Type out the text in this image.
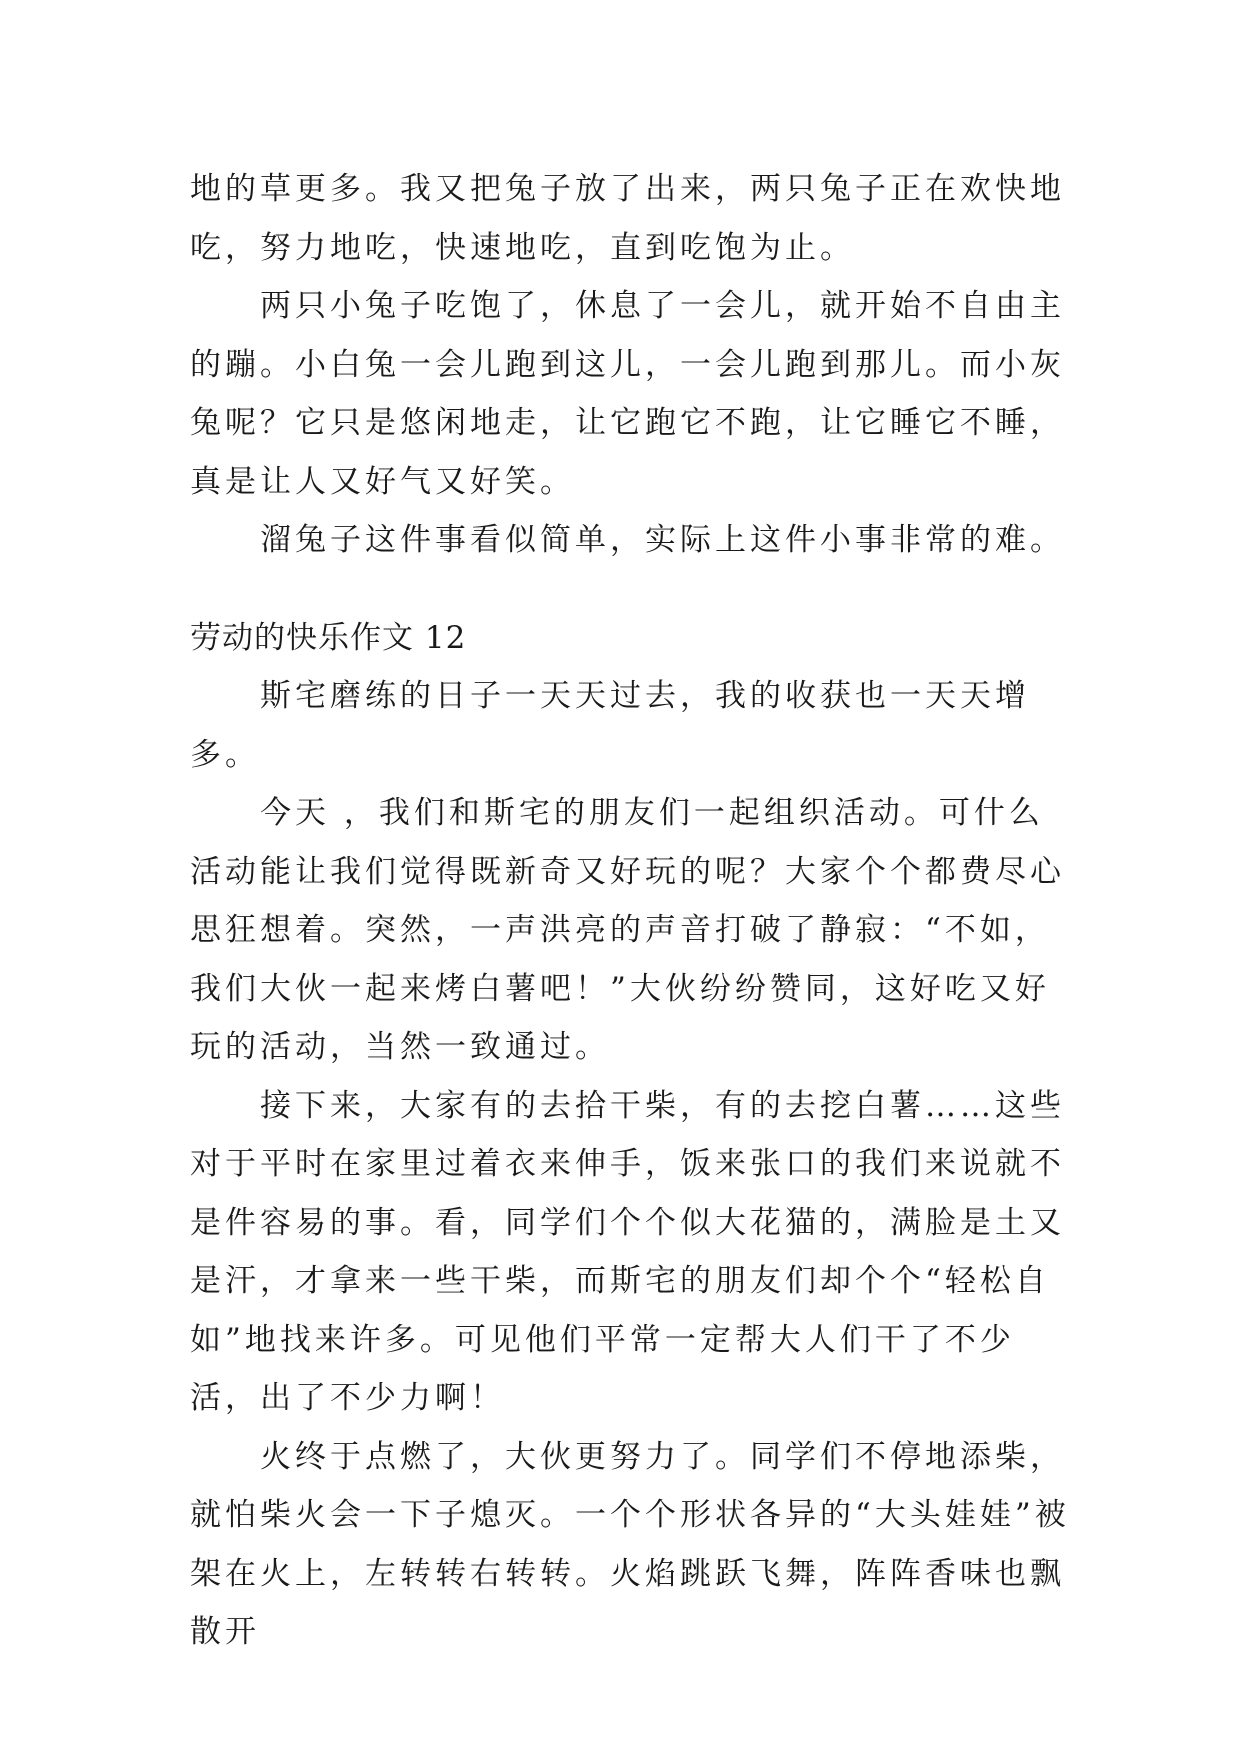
地的草更多。我又把兔子放了出来，两只兔子正在欢快地吃，努力地吃，快速地吃，直到吃饱为止。

两只小兔子吃饱了，休息了一会儿，就开始不自由主的蹦。小白兔一会儿跑到这儿，一会儿跑到那儿。而小灰兔呢？它只是悠闲地走，让它跑它不跑，让它睡它不睡，真是让人又好气又好笑。

溜兔子这件事看似简单，实际上这件小事非常的难。

劳动的快乐作文 12

斯宅磨练的日子一天天过去，我的收获也一天天增多。

今天 ，我们和斯宅的朋友们一起组织活动。可什么活动能让我们觉得既新奇又好玩的呢？大家个个都费尽心思狂想着。突然，一声洪亮的声音打破了静寂：“不如，我们大伙一起来烤白薯吧！”大伙纷纷赞同，这好吃又好玩的活动，当然一致通过。

接下来，大家有的去拾干柴，有的去挖白薯……这些对于平时在家里过着衣来伸手，饭来张口的我们来说就不是件容易的事。看，同学们个个似大花猫的，满脸是土又是汗，才拿来一些干柴，而斯宅的朋友们却个个“轻松自如”地找来许多。可见他们平常一定帮大人们干了不少活，出了不少力啊！

火终于点燃了，大伙更努力了。同学们不停地添柴，就怕柴火会一下子熄灭。一个个形状各异的“大头娃娃”被架在火上，左转转右转转。火焰跳跃飞舞，阵阵香味也飘散开
